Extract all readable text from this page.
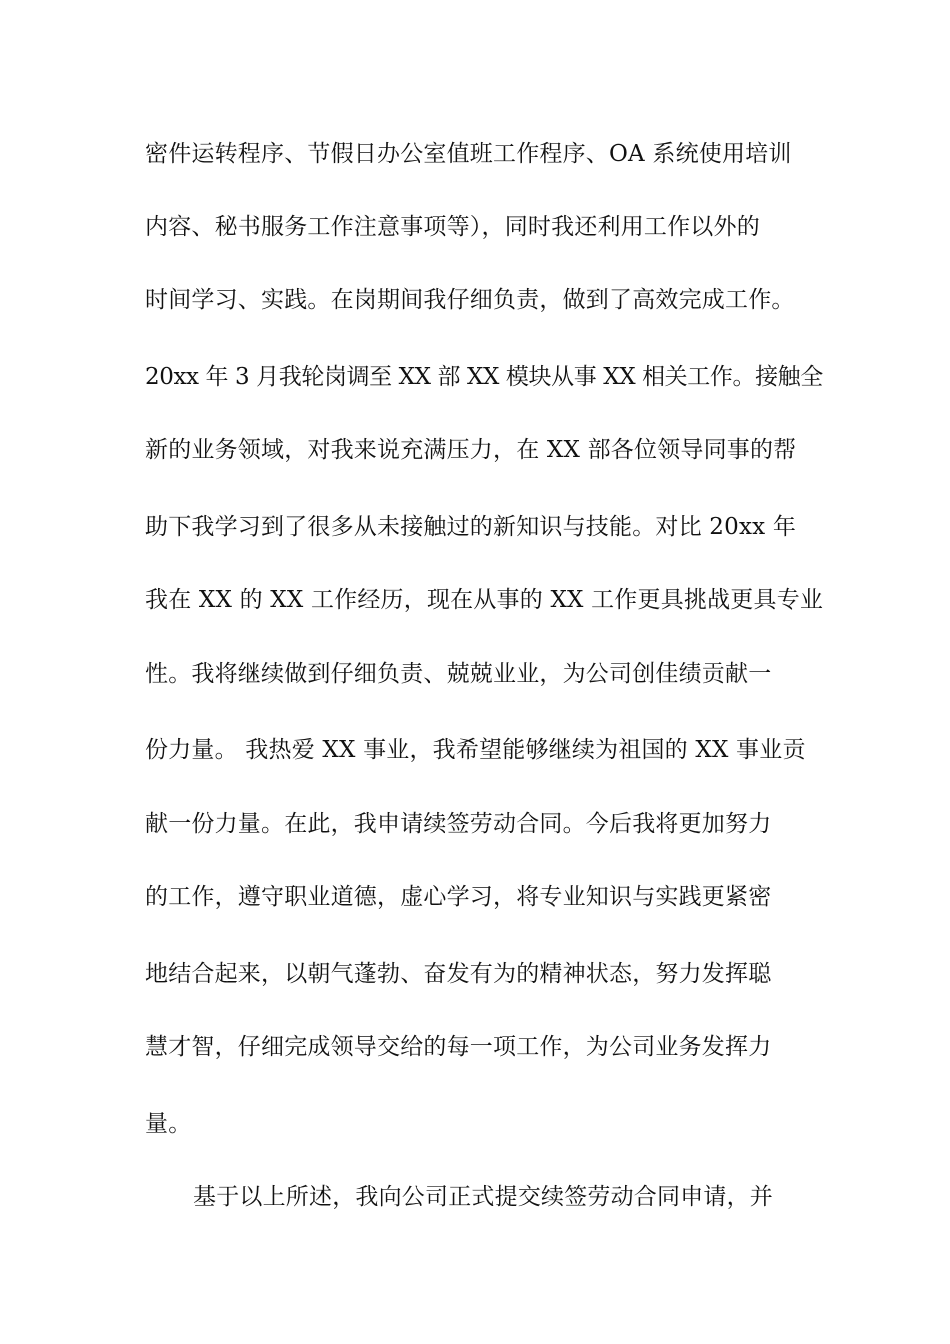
密件运转程序、节假日办公室值班工作程序、OA 系统使用培训
内容、秘书服务工作注意事项等），同时我还利用工作以外的
时间学习、实践。在岗期间我仔细负责，做到了高效完成工作。
20xx 年 3 月我轮岗调至 XX 部 XX 模块从事 XX 相关工作。接触全
新的业务领域，对我来说充满压力，在 XX 部各位领导同事的帮
助下我学习到了很多从未接触过的新知识与技能。对比 20xx 年
我在 XX 的 XX 工作经历，现在从事的 XX 工作更具挑战更具专业
性。我将继续做到仔细负责、兢兢业业，为公司创佳绩贡献一
份力量。 我热爱 XX 事业，我希望能够继续为祖国的 XX 事业贡
献一份力量。在此，我申请续签劳动合同。今后我将更加努力
的工作，遵守职业道德，虚心学习，将专业知识与实践更紧密
地结合起来，以朝气蓬勃、奋发有为的精神状态，努力发挥聪
慧才智，仔细完成领导交给的每一项工作，为公司业务发挥力
量。
基于以上所述，我向公司正式提交续签劳动合同申请，并
